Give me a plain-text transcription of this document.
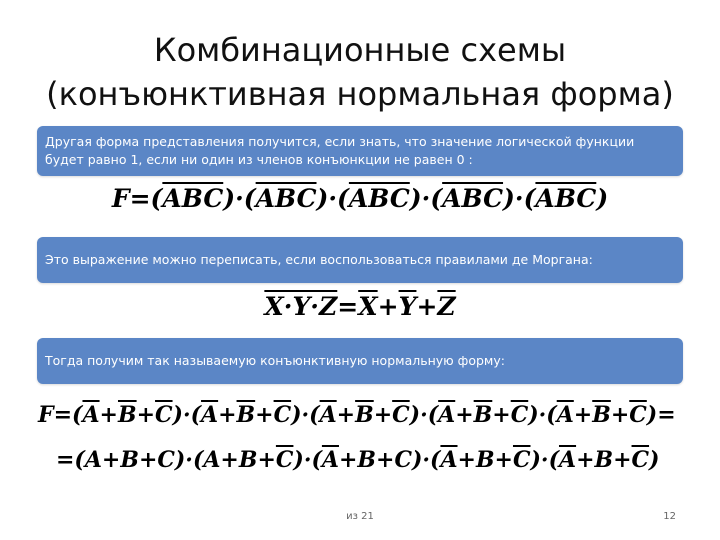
Комбинационные схемы
(конъюнктивная нормальная форма)
Другая форма представления получится, если знать, что значение логической функции будет равно 1, если ни один из членов конъюнкции не равен 0 :
$F=(\overline{ABC})\cdot(\overline{ABC})\cdot(\overline{ABC})\cdot(\overline{ABC})\cdot(\overline{ABC})$
Это выражение можно переписать, если воспользоваться правилами де Моргана:
$X\cdot Y\cdot Z=\overline{X}+\overline{Y}+\overline{Z}$
Тогда получим так называемую конъюнктивную нормальную форму:
$F=(\overline{A}+\overline{B}+\overline{C})\cdot(\overline{A}+\overline{B}+\overline{C})\cdot(\overline{A}+\overline{B}+\overline{C})\cdot(\overline{A}+\overline{B}+\overline{C})\cdot(\overline{A}+\overline{B}+\overline{C})=$
$=(A+B+C)\cdot(A+B+\overline{C})\cdot(\overline{A}+B+C)\cdot(\overline{A}+B+\overline{C})\cdot(\overline{A}+B+\overline{C})$
из 21	12
